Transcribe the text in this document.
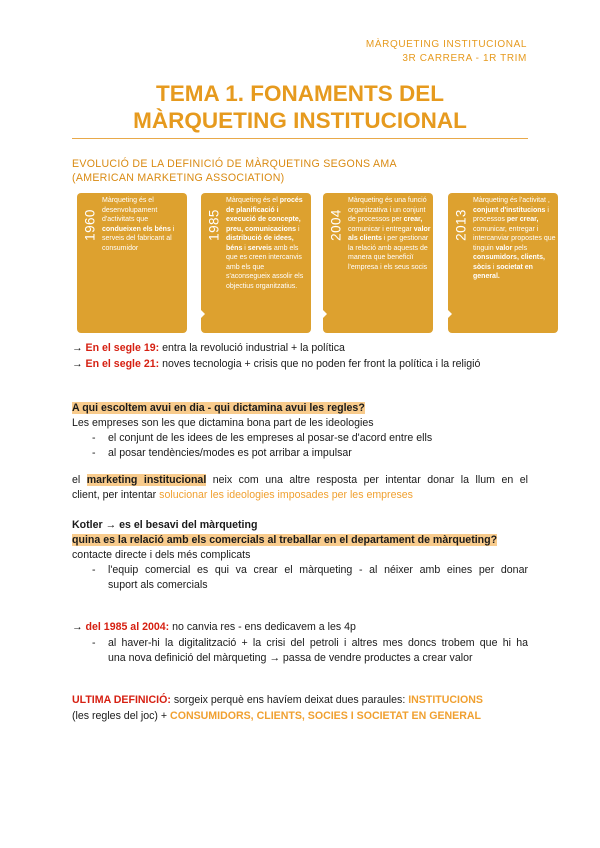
MÀRQUETING INSTITUCIONAL
3R CARRERA - 1R TRIM
TEMA 1. FONAMENTS DEL
MÀRQUETING INSTITUCIONAL
EVOLUCIÓ DE LA DEFINICIÓ DE MÀRQUETING SEGONS AMA
(AMERICAN MARKETING ASSOCIATION)
1960
Màrqueting és el desenvolupament d'activitats que condueixen els béns i serveis del fabricant al consumidor
1985
Màrqueting és el procés de planificació i execució de concepte, preu, comunicacions i distribució de idees, béns i serveis amb els que es creen intercanvis amb els que s'aconsegueix assolir els objectius organitzatius.
2004
Màrqueting és una funció organitzativa i un conjunt de processos per crear, comunicar i entregar valor als clients i per gestionar la relació amb aquests de manera que beneficiï l'empresa i els seus socis
2013
Màrqueting és l'activitat , conjunt d'institucions i processos per crear, comunicar, entregar i intercanviar propostes que tinguin valor pels consumidors, clients, sòcis i societat en general.
→ En el segle 19: entra la revolució industrial + la política
→ En el segle 21: noves tecnologia + crisis que no poden fer front la política i la religió
A qui escoltem avui en dia - qui dictamina avui les regles?
Les empreses son les que dictamina bona part de les ideologies
- el conjunt de les idees de les empreses al posar-se d'acord entre ells
- al posar tendències/modes es pot arribar a impulsar
el marketing institucional neix com una altre resposta per intentar donar la llum en el
client, per intentar solucionar les ideologies imposades per les empreses
Kotler → es el besavi del màrqueting
quina es la relació amb els comercials al treballar en el departament de màrqueting?
contacte directe i dels més complicats
- l'equip comercial es qui va crear el màrqueting - al néixer amb eines per donar
suport als comercials
→ del 1985 al 2004: no canvia res - ens dedicavem a les 4p
- al haver-hi la digitalització + la crisi del petroli i altres mes doncs trobem que hi ha
una nova definició del màrqueting → passa de vendre productes a crear valor
ULTIMA DEFINICIÓ: sorgeix perquè ens havíem deixat dues paraules: INSTITUCIONS
(les regles del joc) + CONSUMIDORS, CLIENTS, SOCIES I SOCIETAT EN GENERAL
